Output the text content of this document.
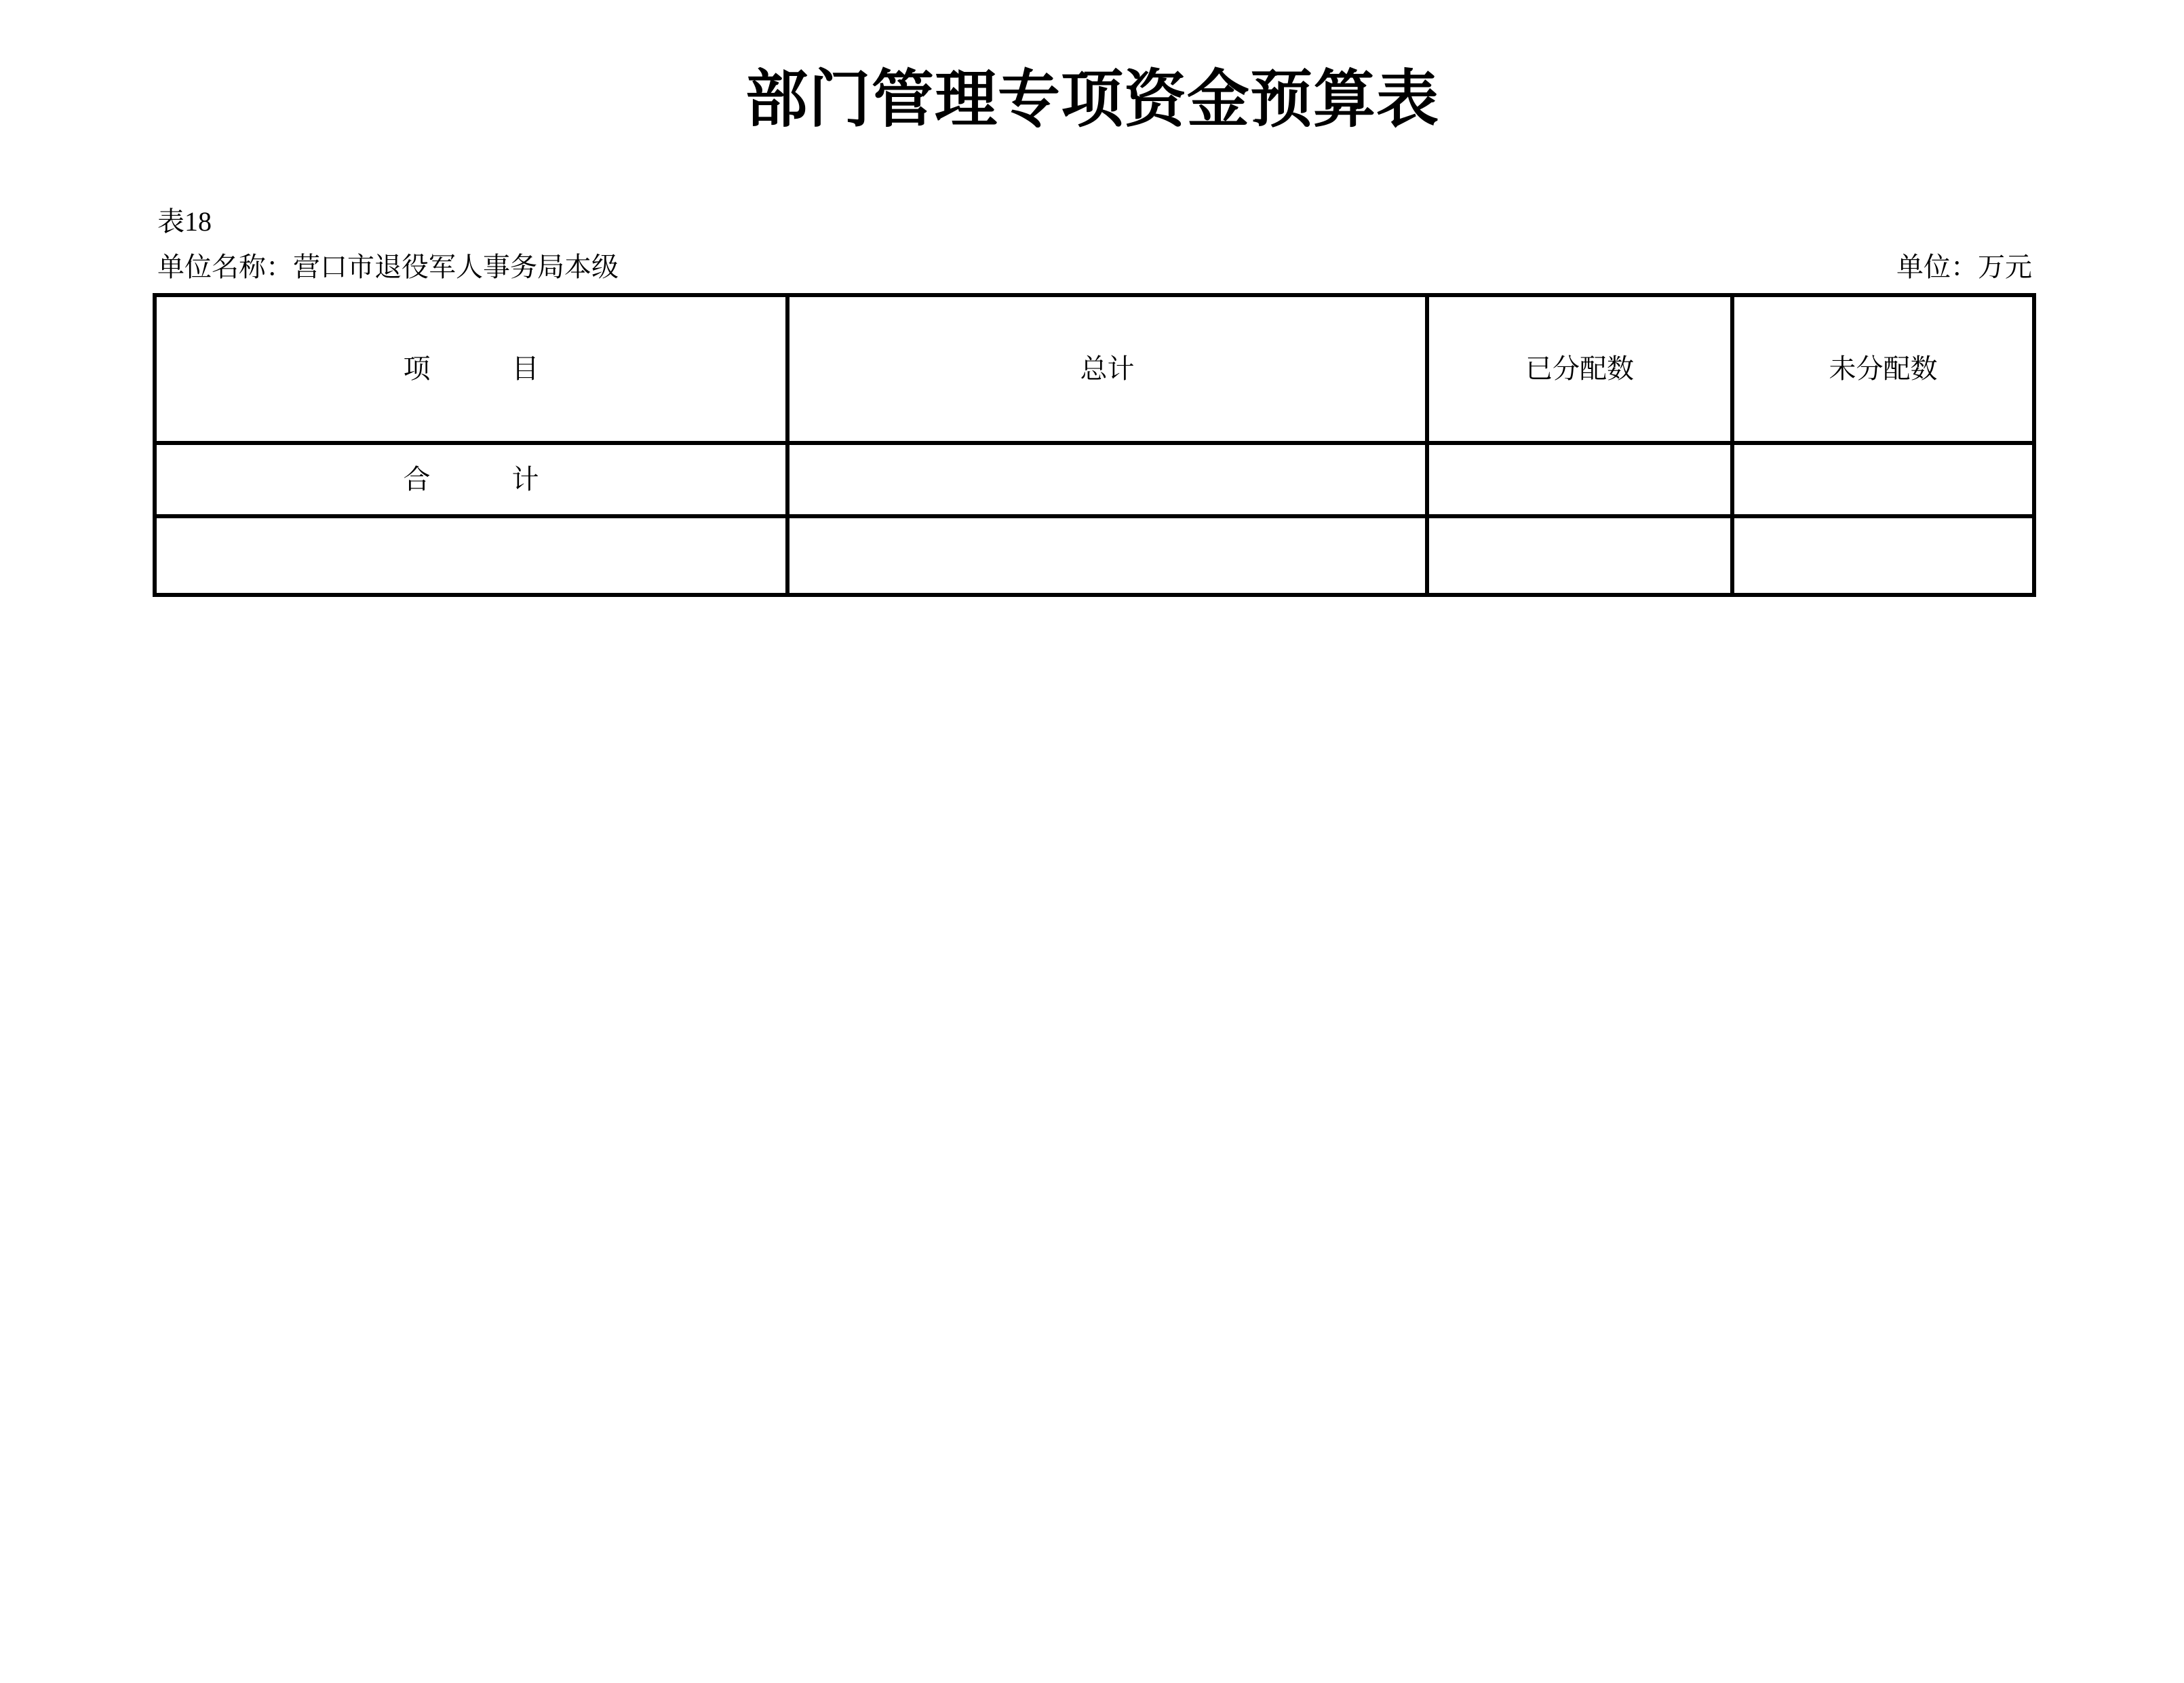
部门管理专项资金预算表
表18
单位名称：营口市退役军人事务局本级	单位：万元
项　　　目	总计	已分配数	未分配数
合　　　计			
